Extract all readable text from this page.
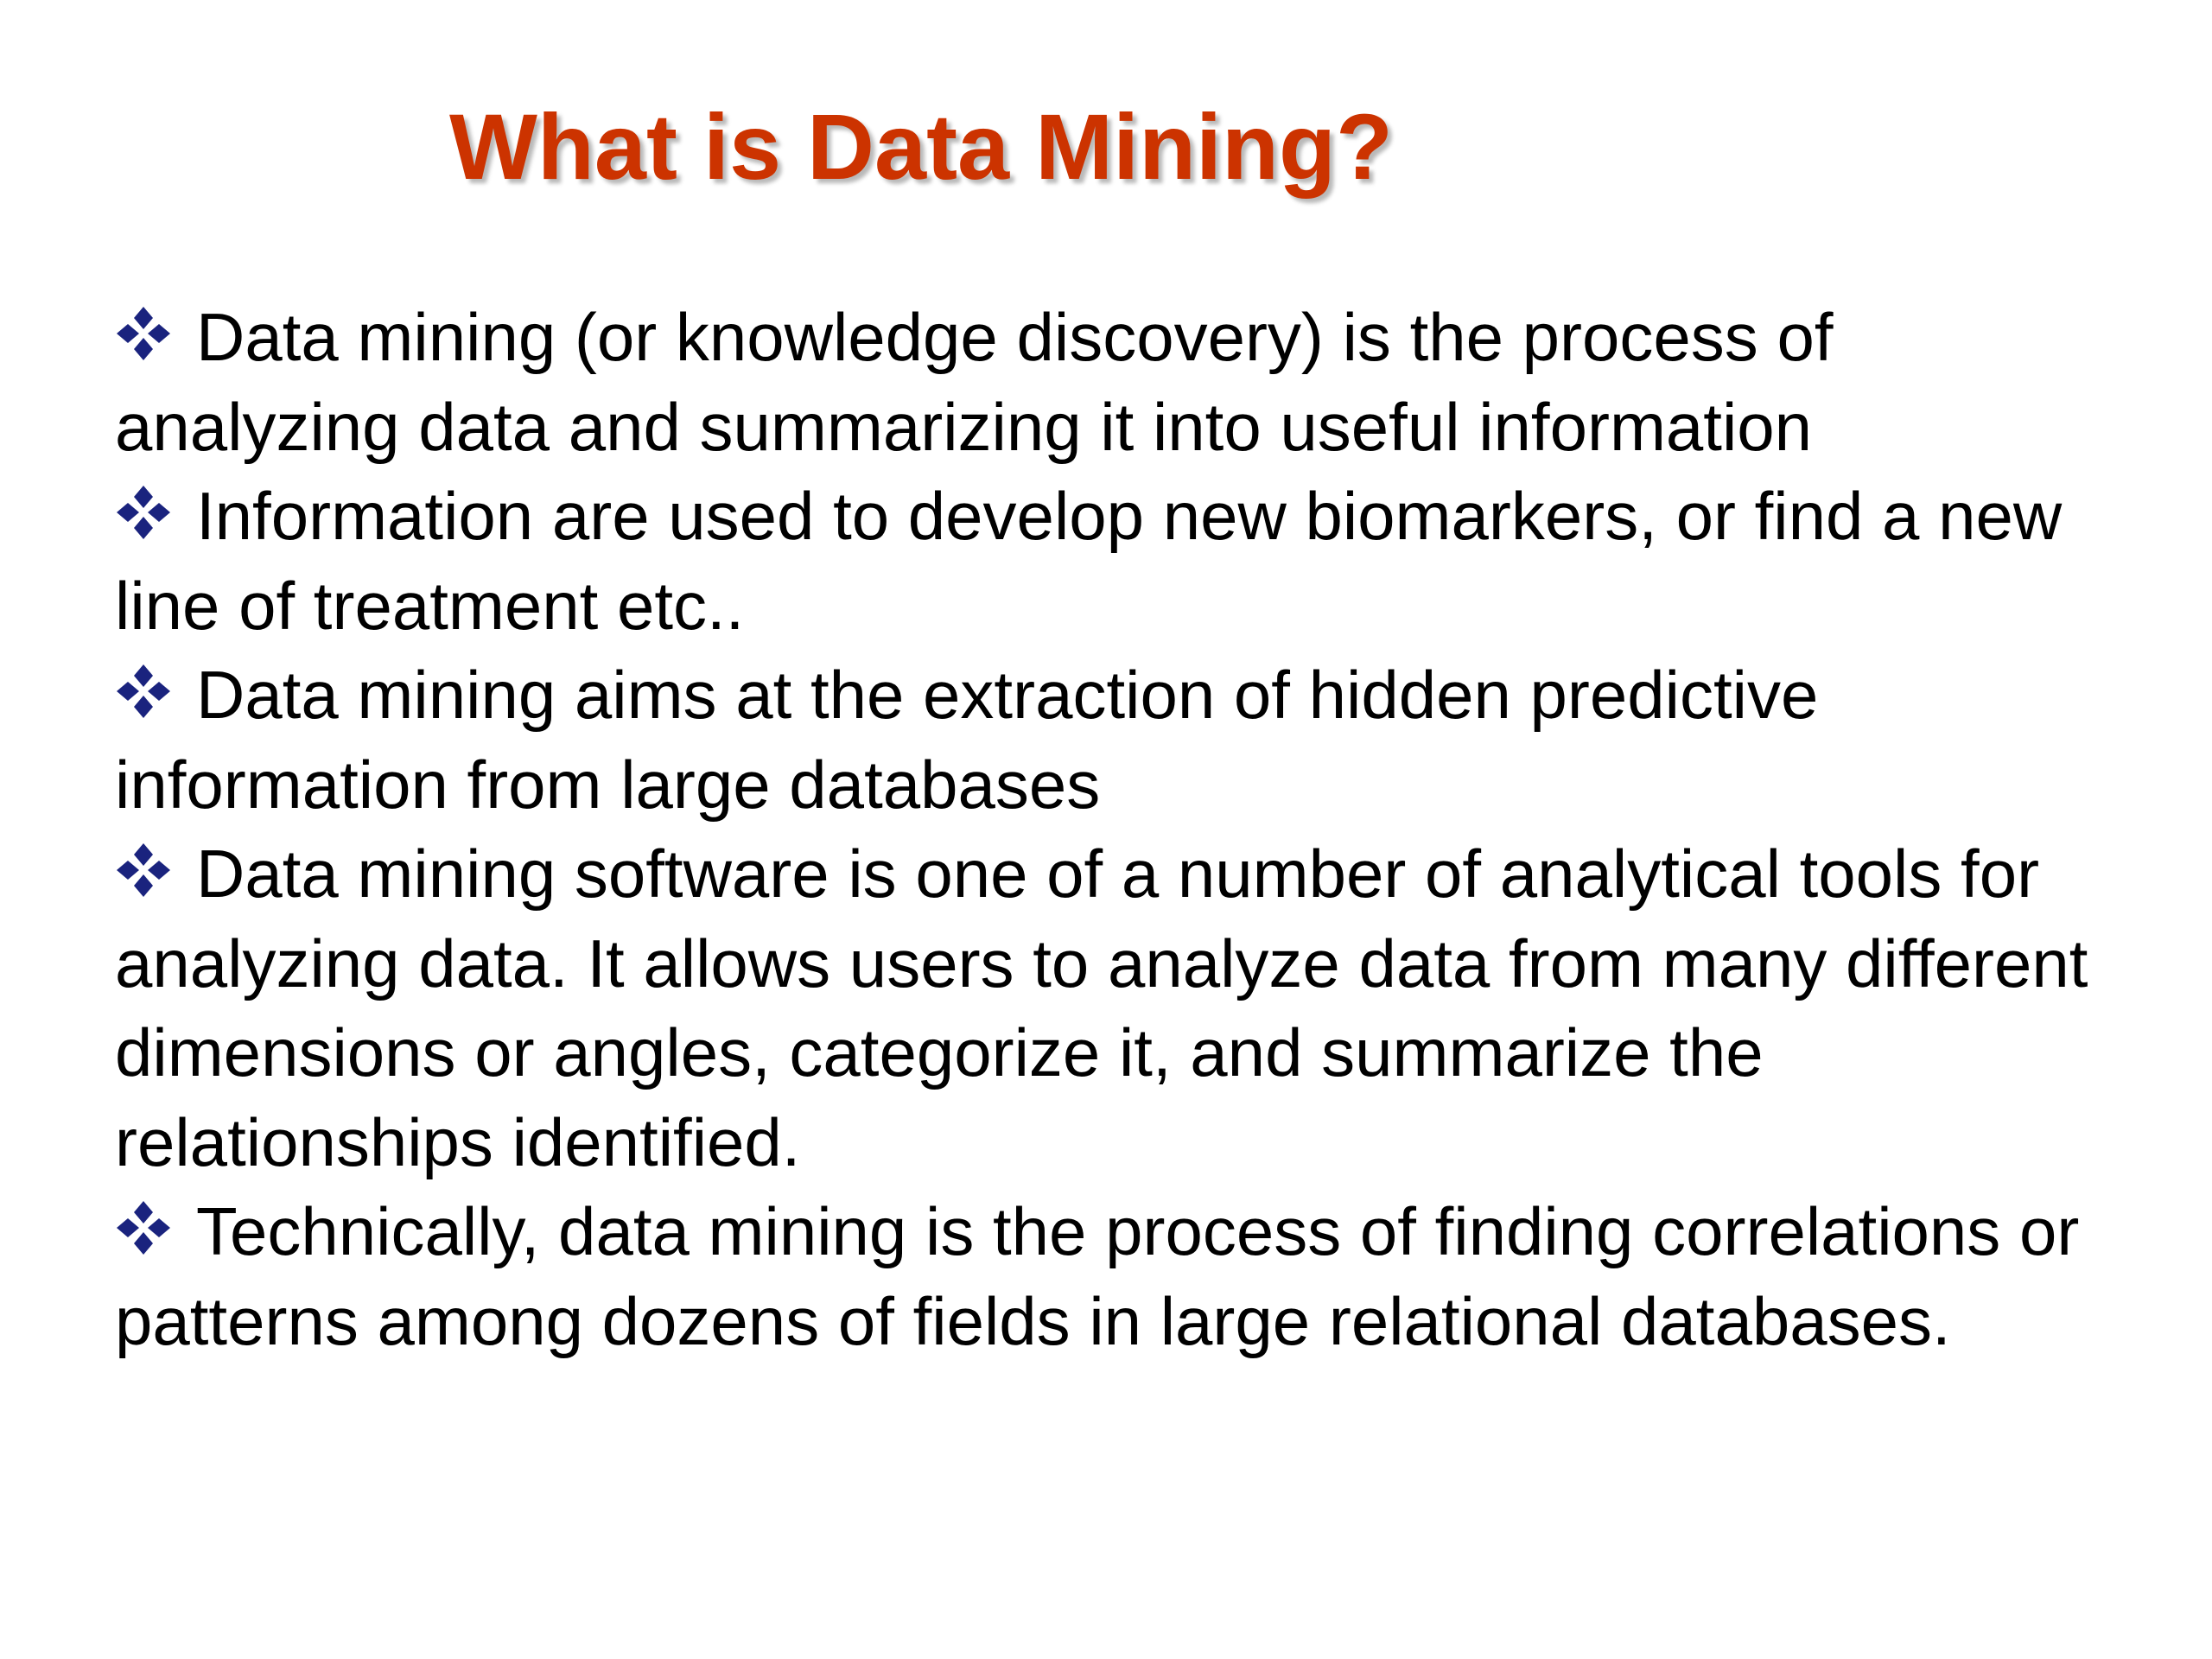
What is Data Mining?
Data mining (or knowledge discovery) is the process of analyzing data and summarizing it into useful information

Information are used to develop new biomarkers, or find a new line of treatment etc..

Data mining aims at the extraction of hidden predictive information from large databases

Data mining software is one of a number of analytical tools for analyzing data. It allows users to analyze data from many different dimensions or angles, categorize it, and summarize the relationships identified.

Technically, data mining is the process of finding correlations or patterns among dozens of fields in large relational databases.
